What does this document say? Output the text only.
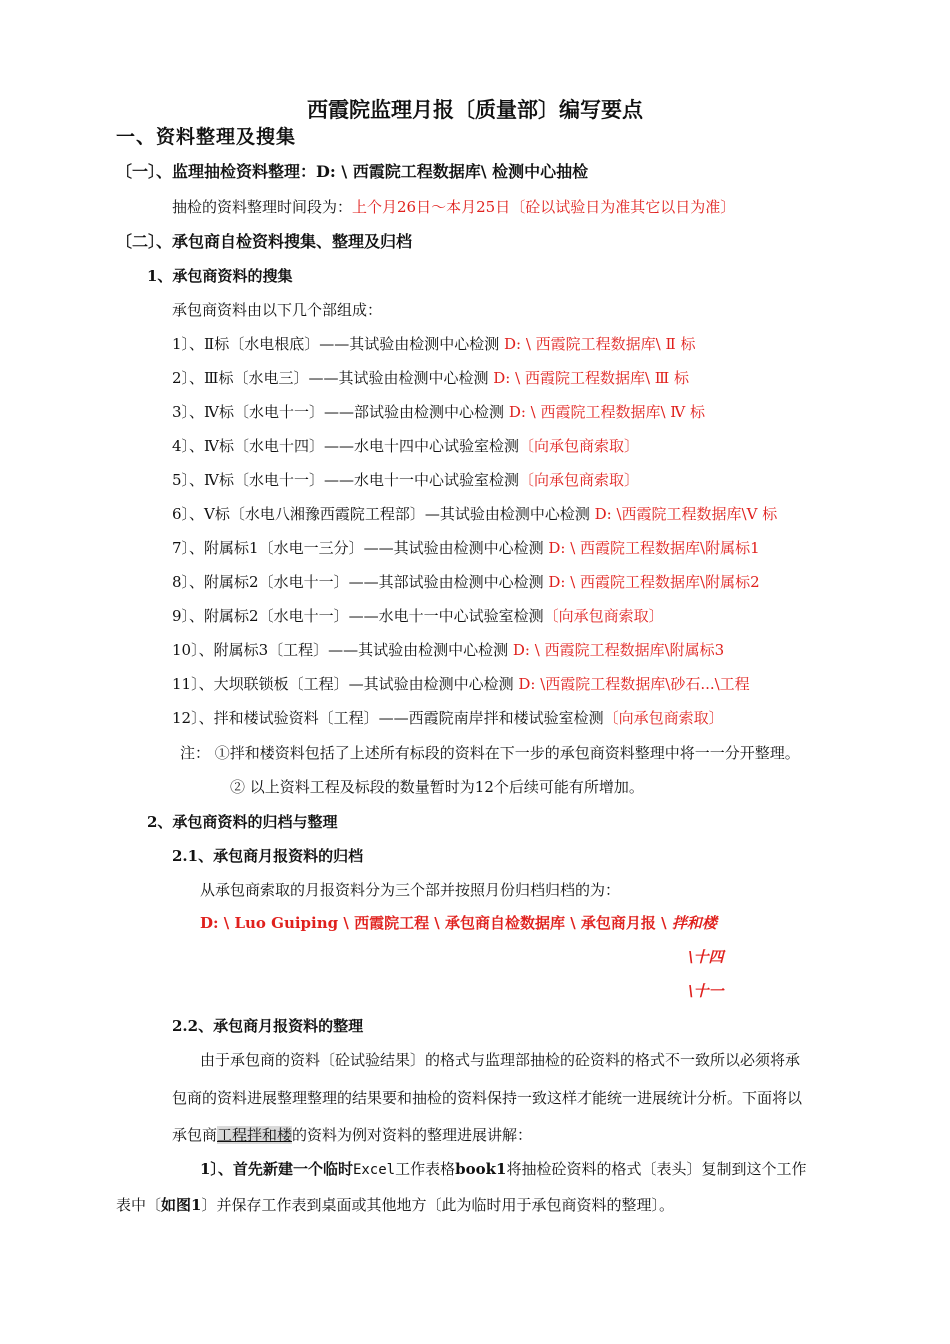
西霞院监理月报〔质量部〕编写要点
一、资料整理及搜集
〔一〕、监理抽检资料整理：D: \ 西霞院工程数据库\ 检测中心抽检
抽检的资料整理时间段为：上个月26日～本月25日〔砼以试验日为准其它以日为准〕
〔二〕、承包商自检资料搜集、整理及归档
1、承包商资料的搜集
承包商资料由以下几个部组成：
1〕、Ⅱ标〔水电根底〕——其试验由检测中心检测 D: \ 西霞院工程数据库\ Ⅱ 标
2〕、Ⅲ标〔水电三〕——其试验由检测中心检测 D: \ 西霞院工程数据库\ Ⅲ 标
3〕、Ⅳ标〔水电十一〕——部试验由检测中心检测 D: \ 西霞院工程数据库\ Ⅳ 标
4〕、Ⅳ标〔水电十四〕——水电十四中心试验室检测〔向承包商索取〕
5〕、Ⅳ标〔水电十一〕——水电十一中心试验室检测〔向承包商索取〕
6〕、Ⅴ标〔水电八湘豫西霞院工程部〕—其试验由检测中心检测 D: \西霞院工程数据库\Ⅴ 标
7〕、附属标1〔水电一三分〕——其试验由检测中心检测 D: \ 西霞院工程数据库\附属标1
8〕、附属标2〔水电十一〕——其部试验由检测中心检测 D: \ 西霞院工程数据库\附属标2
9〕、附属标2〔水电十一〕——水电十一中心试验室检测〔向承包商索取〕
10〕、附属标3〔工程〕——其试验由检测中心检测 D: \ 西霞院工程数据库\附属标3
11〕、大坝联锁板〔工程〕—其试验由检测中心检测 D: \西霞院工程数据库\砂石...\工程
12〕、拌和楼试验资料〔工程〕——西霞院南岸拌和楼试验室检测〔向承包商索取〕
注： ①拌和楼资料包括了上述所有标段的资料在下一步的承包商资料整理中将一一分开整理。
② 以上资料工程及标段的数量暂时为12个后续可能有所增加。
2、承包商资料的归档与整理
2.1、承包商月报资料的归档
从承包商索取的月报资料分为三个部并按照月份归档归档的为：
D: \ Luo Guiping \ 西霞院工程 \ 承包商自检数据库 \ 承包商月报 \ 拌和楼
\十四
\十一
2.2、承包商月报资料的整理
由于承包商的资料〔砼试验结果〕的格式与监理部抽检的砼资料的格式不一致所以必须将承
包商的资料进展整理整理的结果要和抽检的资料保持一致这样才能统一进展统计分析。下面将以
承包商工程拌和楼的资料为例对资料的整理进展讲解：
1〕、首先新建一个临时Excel工作表格book1将抽检砼资料的格式〔表头〕复制到这个工作
表中〔如图1〕并保存工作表到桌面或其他地方〔此为临时用于承包商资料的整理〕。
